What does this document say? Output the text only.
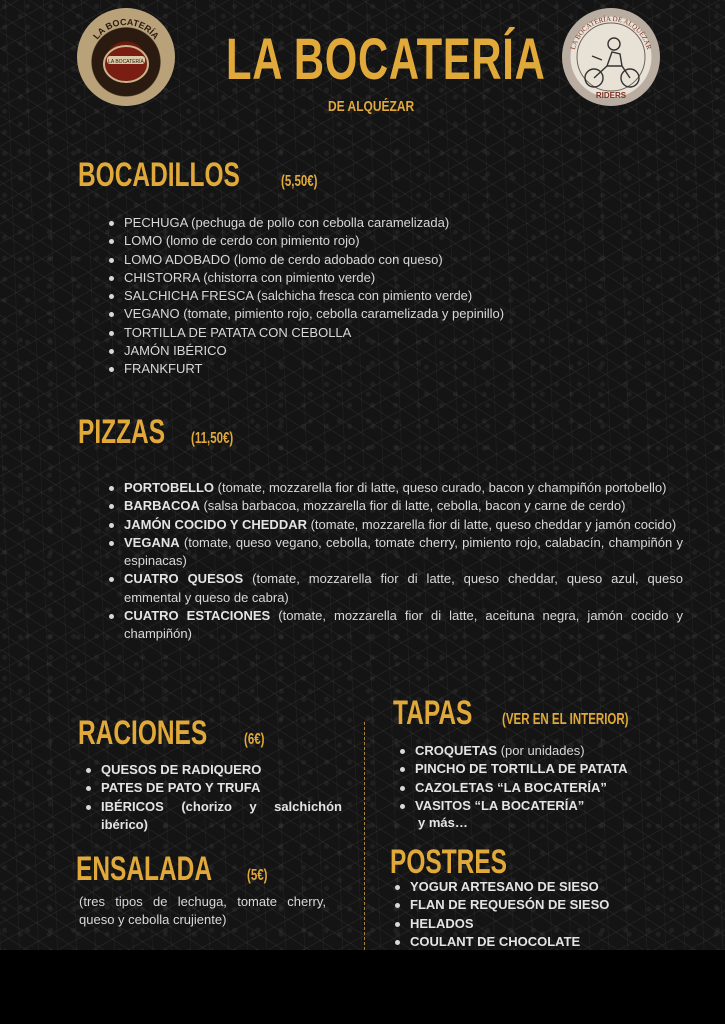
LA BOCATERÍA
ALQUÉZAR
LA BOCATERÍA LA BOCATERÍA
DE ALQUÉZAR
LA BOCATERÍA DE ALQUÉZAR
RIDERS
BOCADILLOS	(5,50€)
PECHUGA (pechuga de pollo con cebolla caramelizada)
LOMO (lomo de cerdo con pimiento rojo)
LOMO ADOBADO (lomo de cerdo adobado con queso)
CHISTORRA (chistorra con pimiento verde)
SALCHICHA FRESCA (salchicha fresca con pimiento verde)
VEGANO (tomate, pimiento rojo, cebolla caramelizada y pepinillo)
TORTILLA DE PATATA CON CEBOLLA
JAMÓN IBÉRICO
FRANKFURT
PIZZAS (11,50€)
PORTOBELLO (tomate, mozzarella fior di latte, queso curado, bacon y champiñón portobello)
BARBACOA (salsa barbacoa, mozzarella fior di latte, cebolla, bacon y carne de cerdo)
JAMÓN COCIDO Y CHEDDAR (tomate, mozzarella fior di latte, queso cheddar y jamón cocido)
VEGANA (tomate, queso vegano, cebolla, tomate cherry, pimiento rojo, calabacín, champiñón y espinacas)
CUATRO QUESOS (tomate, mozzarella fior di latte, queso cheddar, queso azul, queso emmental y queso de cabra)
CUATRO ESTACIONES (tomate, mozzarella fior di latte, aceituna negra, jamón cocido y champiñón)
RACIONES (6€)
QUESOS DE RADIQUERO
PATES DE PATO Y TRUFA
IBÉRICOS (chorizo y salchichón ibérico)
ENSALADA (5€)
(tres tipos de lechuga, tomate cherry, queso y cebolla crujiente)
TAPAS (VER EN EL INTERIOR)
CROQUETAS (por unidades)
PINCHO DE TORTILLA DE PATATA
CAZOLETAS “LA BOCATERÍA”
VASITOS “LA BOCATERÍA”
y más…
POSTRES
YOGUR ARTESANO DE SIESO
FLAN DE REQUESÓN DE SIESO
HELADOS
COULANT DE CHOCOLATE
